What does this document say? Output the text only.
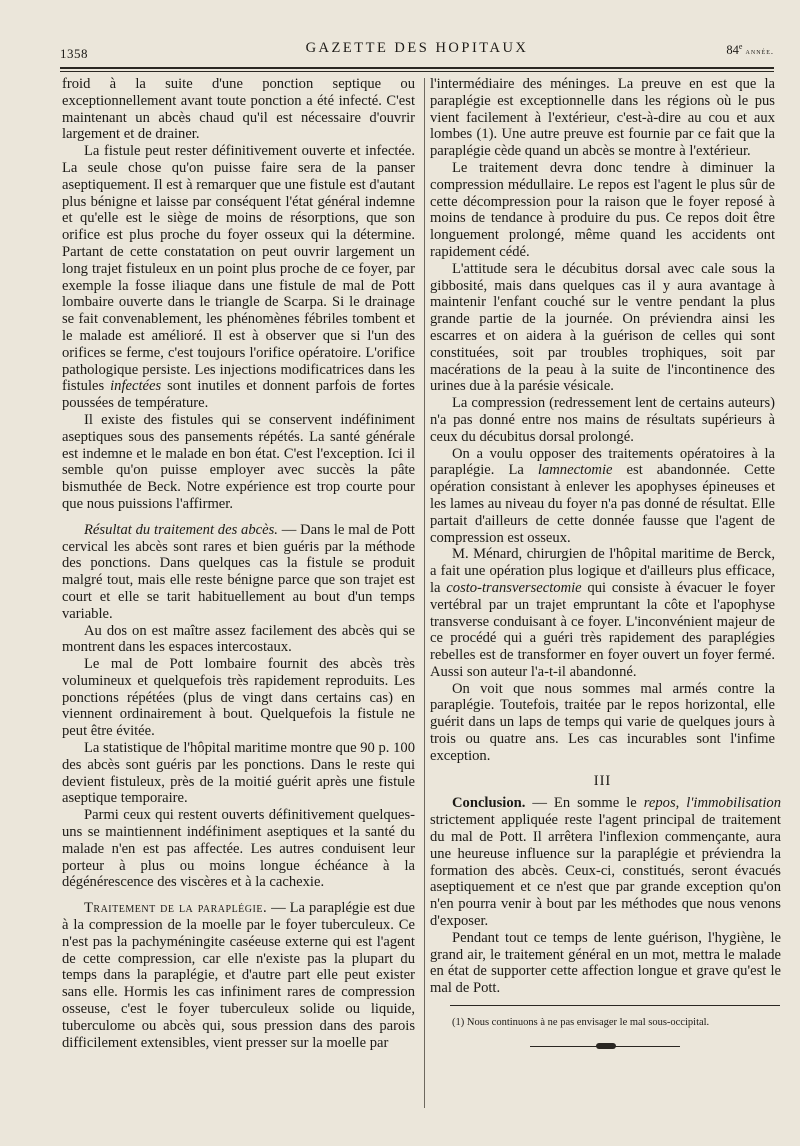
1358	GAZETTE DES HOPITAUX	84e année.

froid à la suite d'une ponction septique ou exceptionnellement avant toute ponction a été infecté. C'est maintenant un abcès chaud qu'il est nécessaire d'ouvrir largement et de drainer.

La fistule peut rester définitivement ouverte et infectée. La seule chose qu'on puisse faire sera de la panser aseptiquement. Il est à remarquer que une fistule est d'autant plus bénigne et laisse par conséquent l'état général indemne et qu'elle est le siège de moins de résorptions, que son orifice est plus proche du foyer osseux qui la détermine. Partant de cette constatation on peut ouvrir largement un long trajet fistuleux en un point plus proche de ce foyer, par exemple la fosse iliaque dans une fistule de mal de Pott lombaire ouverte dans le triangle de Scarpa. Si le drainage se fait convenablement, les phénomènes fébriles tombent et le malade est amélioré. Il est à observer que si l'un des orifices se ferme, c'est toujours l'orifice opératoire. L'orifice pathologique persiste. Les injections modificatrices dans les fistules infectées sont inutiles et donnent parfois de fortes poussées de température.

Il existe des fistules qui se conservent indéfiniment aseptiques sous des pansements répétés. La santé générale est indemne et le malade en bon état. C'est l'exception. Ici il semble qu'on puisse employer avec succès la pâte bismuthée de Beck. Notre expérience est trop courte pour que nous puissions l'affirmer.

Résultat du traitement des abcès. — Dans le mal de Pott cervical les abcès sont rares et bien guéris par la méthode des ponctions. Dans quelques cas la fistule se produit malgré tout, mais elle reste bénigne parce que son trajet est court et elle se tarit habituellement au bout d'un temps variable.

Au dos on est maître assez facilement des abcès qui se montrent dans les espaces intercostaux.

Le mal de Pott lombaire fournit des abcès très volumineux et quelquefois très rapidement reproduits. Les ponctions répétées (plus de vingt dans certains cas) en viennent ordinairement à bout. Quelquefois la fistule ne peut être évitée.

La statistique de l'hôpital maritime montre que 90 p. 100 des abcès sont guéris par les ponctions. Dans le reste qui devient fistuleux, près de la moitié guérit après une fistule aseptique temporaire.

Parmi ceux qui restent ouverts définitivement quelques-uns se maintiennent indéfiniment aseptiques et la santé du malade n'en est pas affectée. Les autres conduisent leur porteur à plus ou moins longue échéance à la dégénérescence des viscères et à la cachexie.

Traitement de la paraplégie. — La paraplégie est due à la compression de la moelle par le foyer tuberculeux. Ce n'est pas la pachyméningite caséeuse externe qui est l'agent de cette compression, car elle n'existe pas la plupart du temps dans la paraplégie, et d'autre part elle peut exister sans elle. Hormis les cas infiniment rares de compression osseuse, c'est le foyer tuberculeux solide ou liquide, tuberculome ou abcès qui, sous pression dans des parois difficilement extensibles, vient presser sur la moelle par

l'intermédiaire des méninges. La preuve en est que la paraplégie est exceptionnelle dans les régions où le pus vient facilement à l'extérieur, c'est-à-dire au cou et aux lombes (1). Une autre preuve est fournie par ce fait que la paraplégie cède quand un abcès se montre à l'extérieur.

Le traitement devra donc tendre à diminuer la compression médullaire. Le repos est l'agent le plus sûr de cette décompression pour la raison que le foyer reposé à moins de tendance à produire du pus. Ce repos doit être longuement prolongé, même quand les accidents ont rapidement cédé.

L'attitude sera le décubitus dorsal avec cale sous la gibbosité, mais dans quelques cas il y aura avantage à maintenir l'enfant couché sur le ventre pendant la plus grande partie de la journée. On préviendra ainsi les escarres et on aidera à la guérison de celles qui sont constituées, soit par troubles trophiques, soit par macérations de la peau à la suite de l'incontinence des urines due à la parésie vésicale.

La compression (redressement lent de certains auteurs) n'a pas donné entre nos mains de résultats supérieurs à ceux du décubitus dorsal prolongé.

On a voulu opposer des traitements opératoires à la paraplégie. La lamnectomie est abandonnée. Cette opération consistant à enlever les apophyses épineuses et les lames au niveau du foyer n'a pas donné de résultat. Elle partait d'ailleurs de cette donnée fausse que l'agent de compression est osseux.

M. Ménard, chirurgien de l'hôpital maritime de Berck, a fait une opération plus logique et d'ailleurs plus efficace, la costo-transversectomie qui consiste à évacuer le foyer vertébral par un trajet empruntant la côte et l'apophyse transverse conduisant à ce foyer. L'inconvénient majeur de ce procédé qui a guéri très rapidement des paraplégies rebelles est de transformer en foyer ouvert un foyer fermé. Aussi son auteur l'a-t-il abandonné.

On voit que nous sommes mal armés contre la paraplégie. Toutefois, traitée par le repos horizontal, elle guérit dans un laps de temps qui varie de quelques jours à trois ou quatre ans. Les cas incurables sont l'infime exception.

III

Conclusion. — En somme le repos, l'immobilisation strictement appliquée reste l'agent principal de traitement du mal de Pott. Il arrêtera l'inflexion commençante, aura une heureuse influence sur la paraplégie et préviendra la formation des abcès. Ceux-ci, constitués, seront évacués aseptiquement et ce n'est que par grande exception qu'on n'en pourra venir à bout par les méthodes que nous venons d'exposer.

Pendant tout ce temps de lente guérison, l'hygiène, le grand air, le traitement général en un mot, mettra le malade en état de supporter cette affection longue et grave qu'est le mal de Pott.

(1) Nous continuons à ne pas envisager le mal sous-occipital.
